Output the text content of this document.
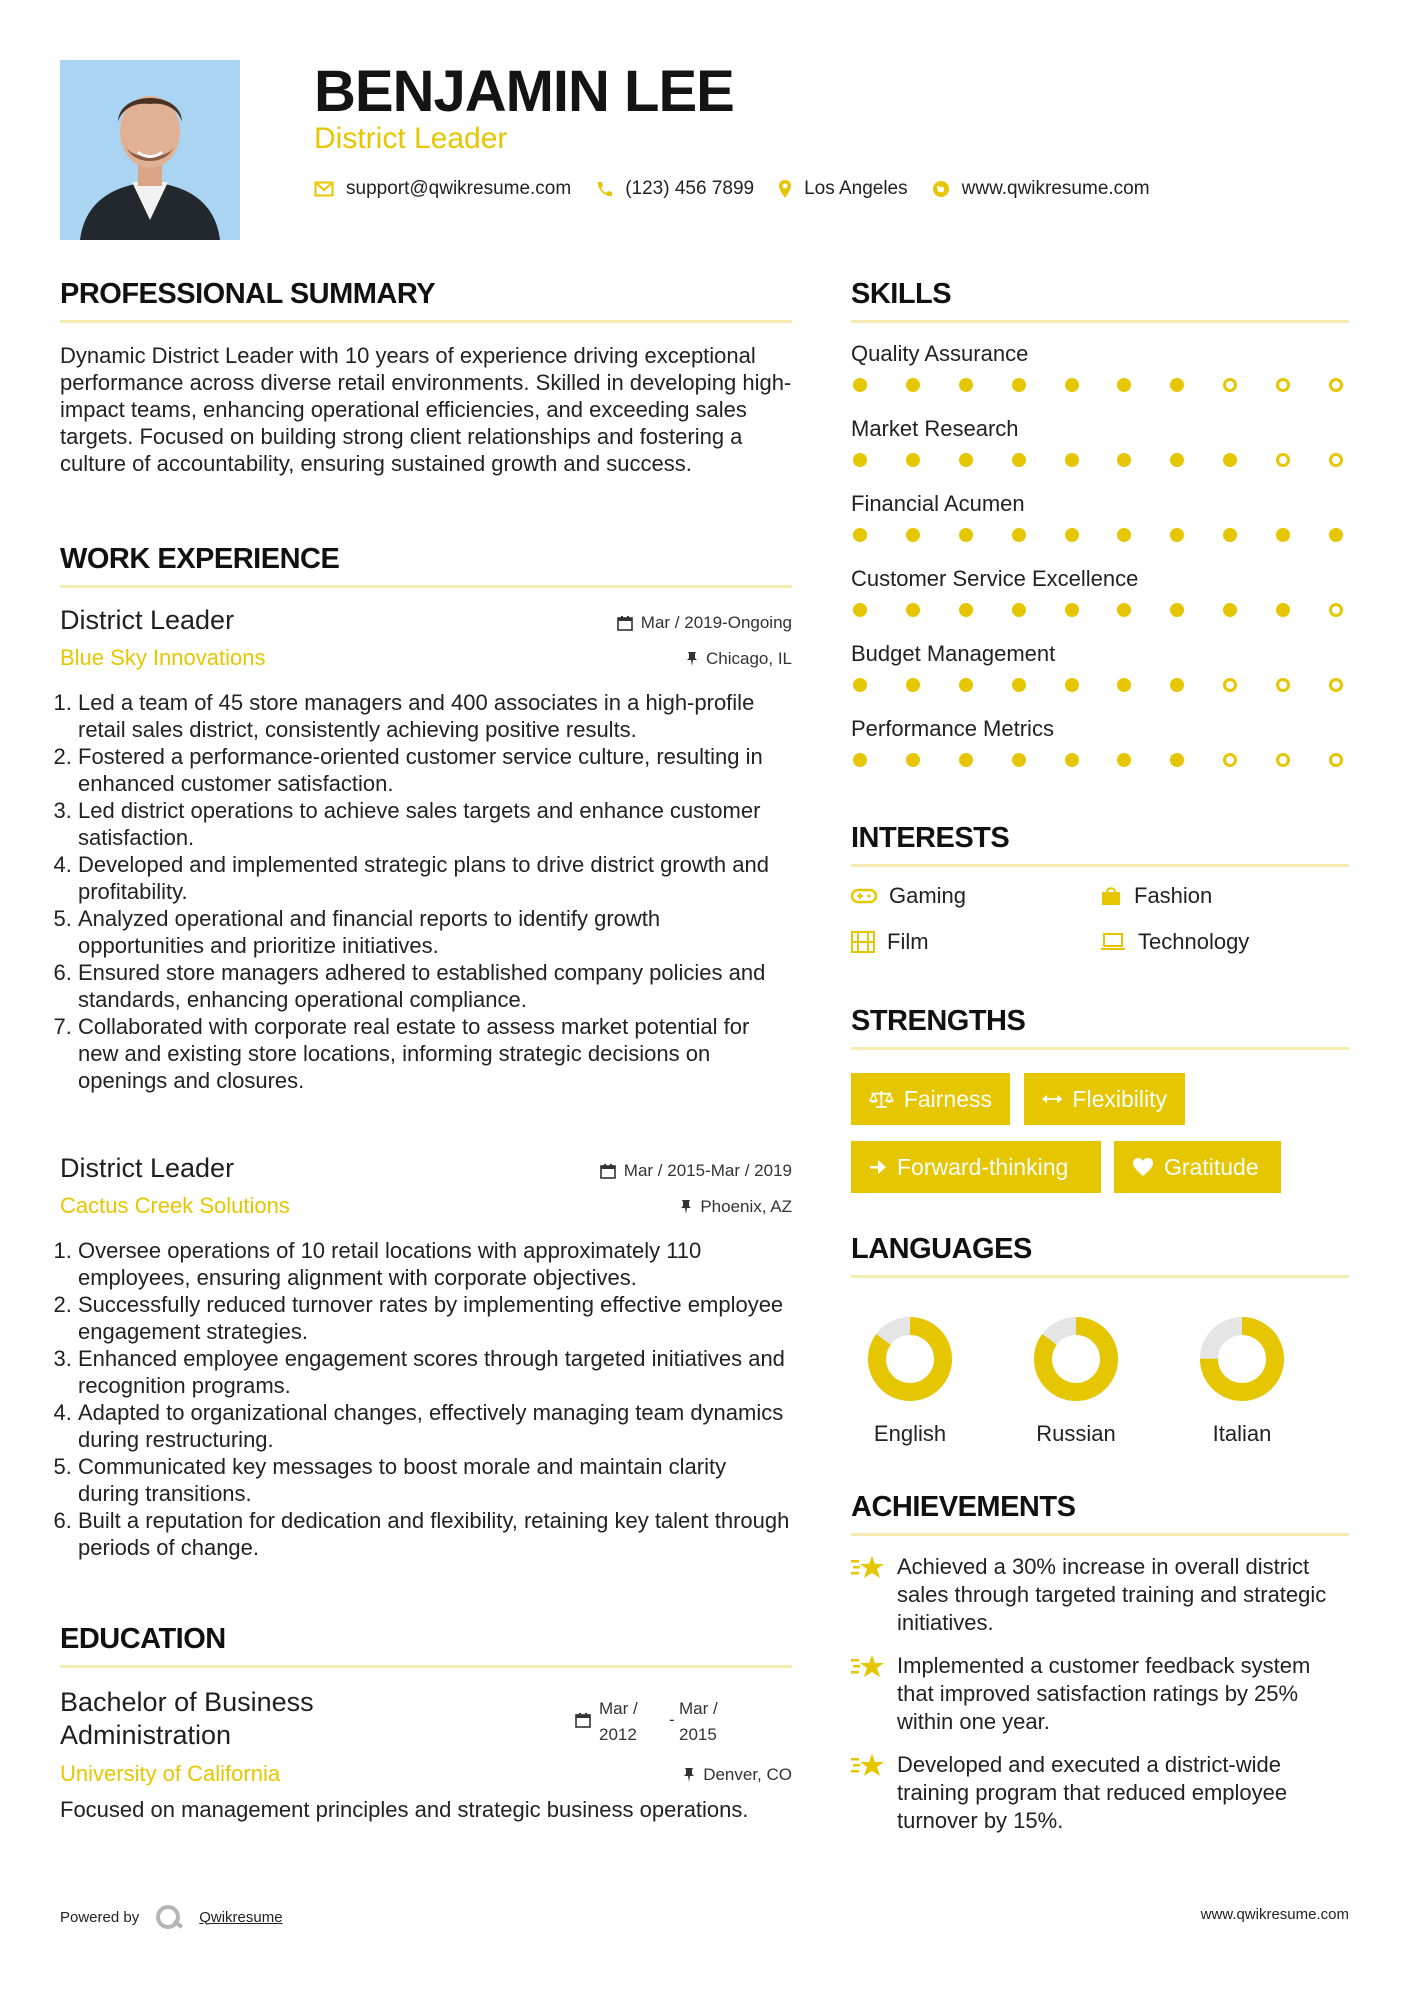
BENJAMIN LEE
District Leader
support@qwikresume.com	(123) 456 7899	Los Angeles	www.qwikresume.com
PROFESSIONAL SUMMARY
Dynamic District Leader with 10 years of experience driving exceptional performance across diverse retail environments. Skilled in developing high-impact teams, enhancing operational efficiencies, and exceeding sales targets. Focused on building strong client relationships and fostering a culture of accountability, ensuring sustained growth and success.
WORK EXPERIENCE
District Leader	Mar / 2019-Ongoing
Blue Sky Innovations	Chicago, IL
1. Led a team of 45 store managers and 400 associates in a high-profile retail sales district, consistently achieving positive results.
2. Fostered a performance-oriented customer service culture, resulting in enhanced customer satisfaction.
3. Led district operations to achieve sales targets and enhance customer satisfaction.
4. Developed and implemented strategic plans to drive district growth and profitability.
5. Analyzed operational and financial reports to identify growth opportunities and prioritize initiatives.
6. Ensured store managers adhered to established company policies and standards, enhancing operational compliance.
7. Collaborated with corporate real estate to assess market potential for new and existing store locations, informing strategic decisions on openings and closures.
District Leader	Mar / 2015-Mar / 2019
Cactus Creek Solutions	Phoenix, AZ
1. Oversee operations of 10 retail locations with approximately 110 employees, ensuring alignment with corporate objectives.
2. Successfully reduced turnover rates by implementing effective employee engagement strategies.
3. Enhanced employee engagement scores through targeted initiatives and recognition programs.
4. Adapted to organizational changes, effectively managing team dynamics during restructuring.
5. Communicated key messages to boost morale and maintain clarity during transitions.
6. Built a reputation for dedication and flexibility, retaining key talent through periods of change.
EDUCATION
Bachelor of Business Administration
Mar /
2012
-
Mar /
2015
University of California	Denver, CO
Focused on management principles and strategic business operations.
SKILLS
Quality Assurance
Market Research
Financial Acumen
Customer Service Excellence
Budget Management
Performance Metrics
INTERESTS
Gaming	Fashion
Film	Technology
STRENGTHS
Fairness	Flexibility
Forward-thinking	Gratitude
LANGUAGES
English	Russian	Italian
ACHIEVEMENTS
Achieved a 30% increase in overall district sales through targeted training and strategic initiatives.
Implemented a customer feedback system that improved satisfaction ratings by 25% within one year.
Developed and executed a district-wide training program that reduced employee turnover by 15%.
Powered by	Qwikresume	www.qwikresume.com
